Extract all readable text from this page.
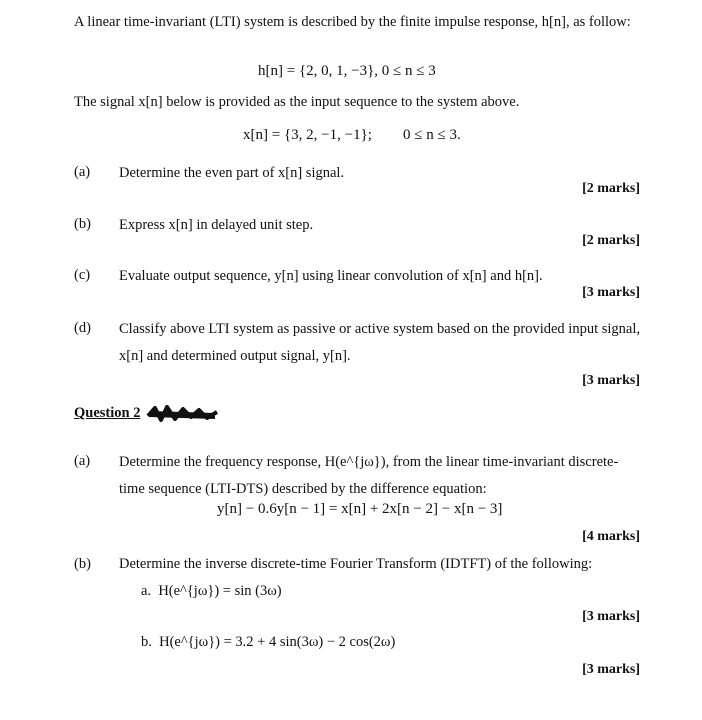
A linear time-invariant (LTI) system is described by the finite impulse response, h[n], as follow:
h[n] = {2, 0, 1, −3}, 0 ≤ n ≤ 3
The signal x[n] below is provided as the input sequence to the system above.
x[n] = {3, 2, −1, −1}; 0 ≤ n ≤ 3.
(a) Determine the even part of x[n] signal.
[2 marks]
(b) Express x[n] in delayed unit step.
[2 marks]
(c) Evaluate output sequence, y[n] using linear convolution of x[n] and h[n].
[3 marks]
(d) Classify above LTI system as passive or active system based on the provided input signal, x[n] and determined output signal, y[n].
[3 marks]
Question 2
(a) Determine the frequency response, H(e^{jω}), from the linear time-invariant discrete-time sequence (LTI-DTS) described by the difference equation:
y[n] − 0.6y[n − 1] = x[n] + 2x[n − 2] − x[n − 3]
[4 marks]
(b) Determine the inverse discrete-time Fourier Transform (IDTFT) of the following:
a. H(e^{jω}) = sin (3ω)
[3 marks]
b. H(e^{jω}) = 3.2 + 4 sin(3ω) − 2 cos(2ω)
[3 marks]
